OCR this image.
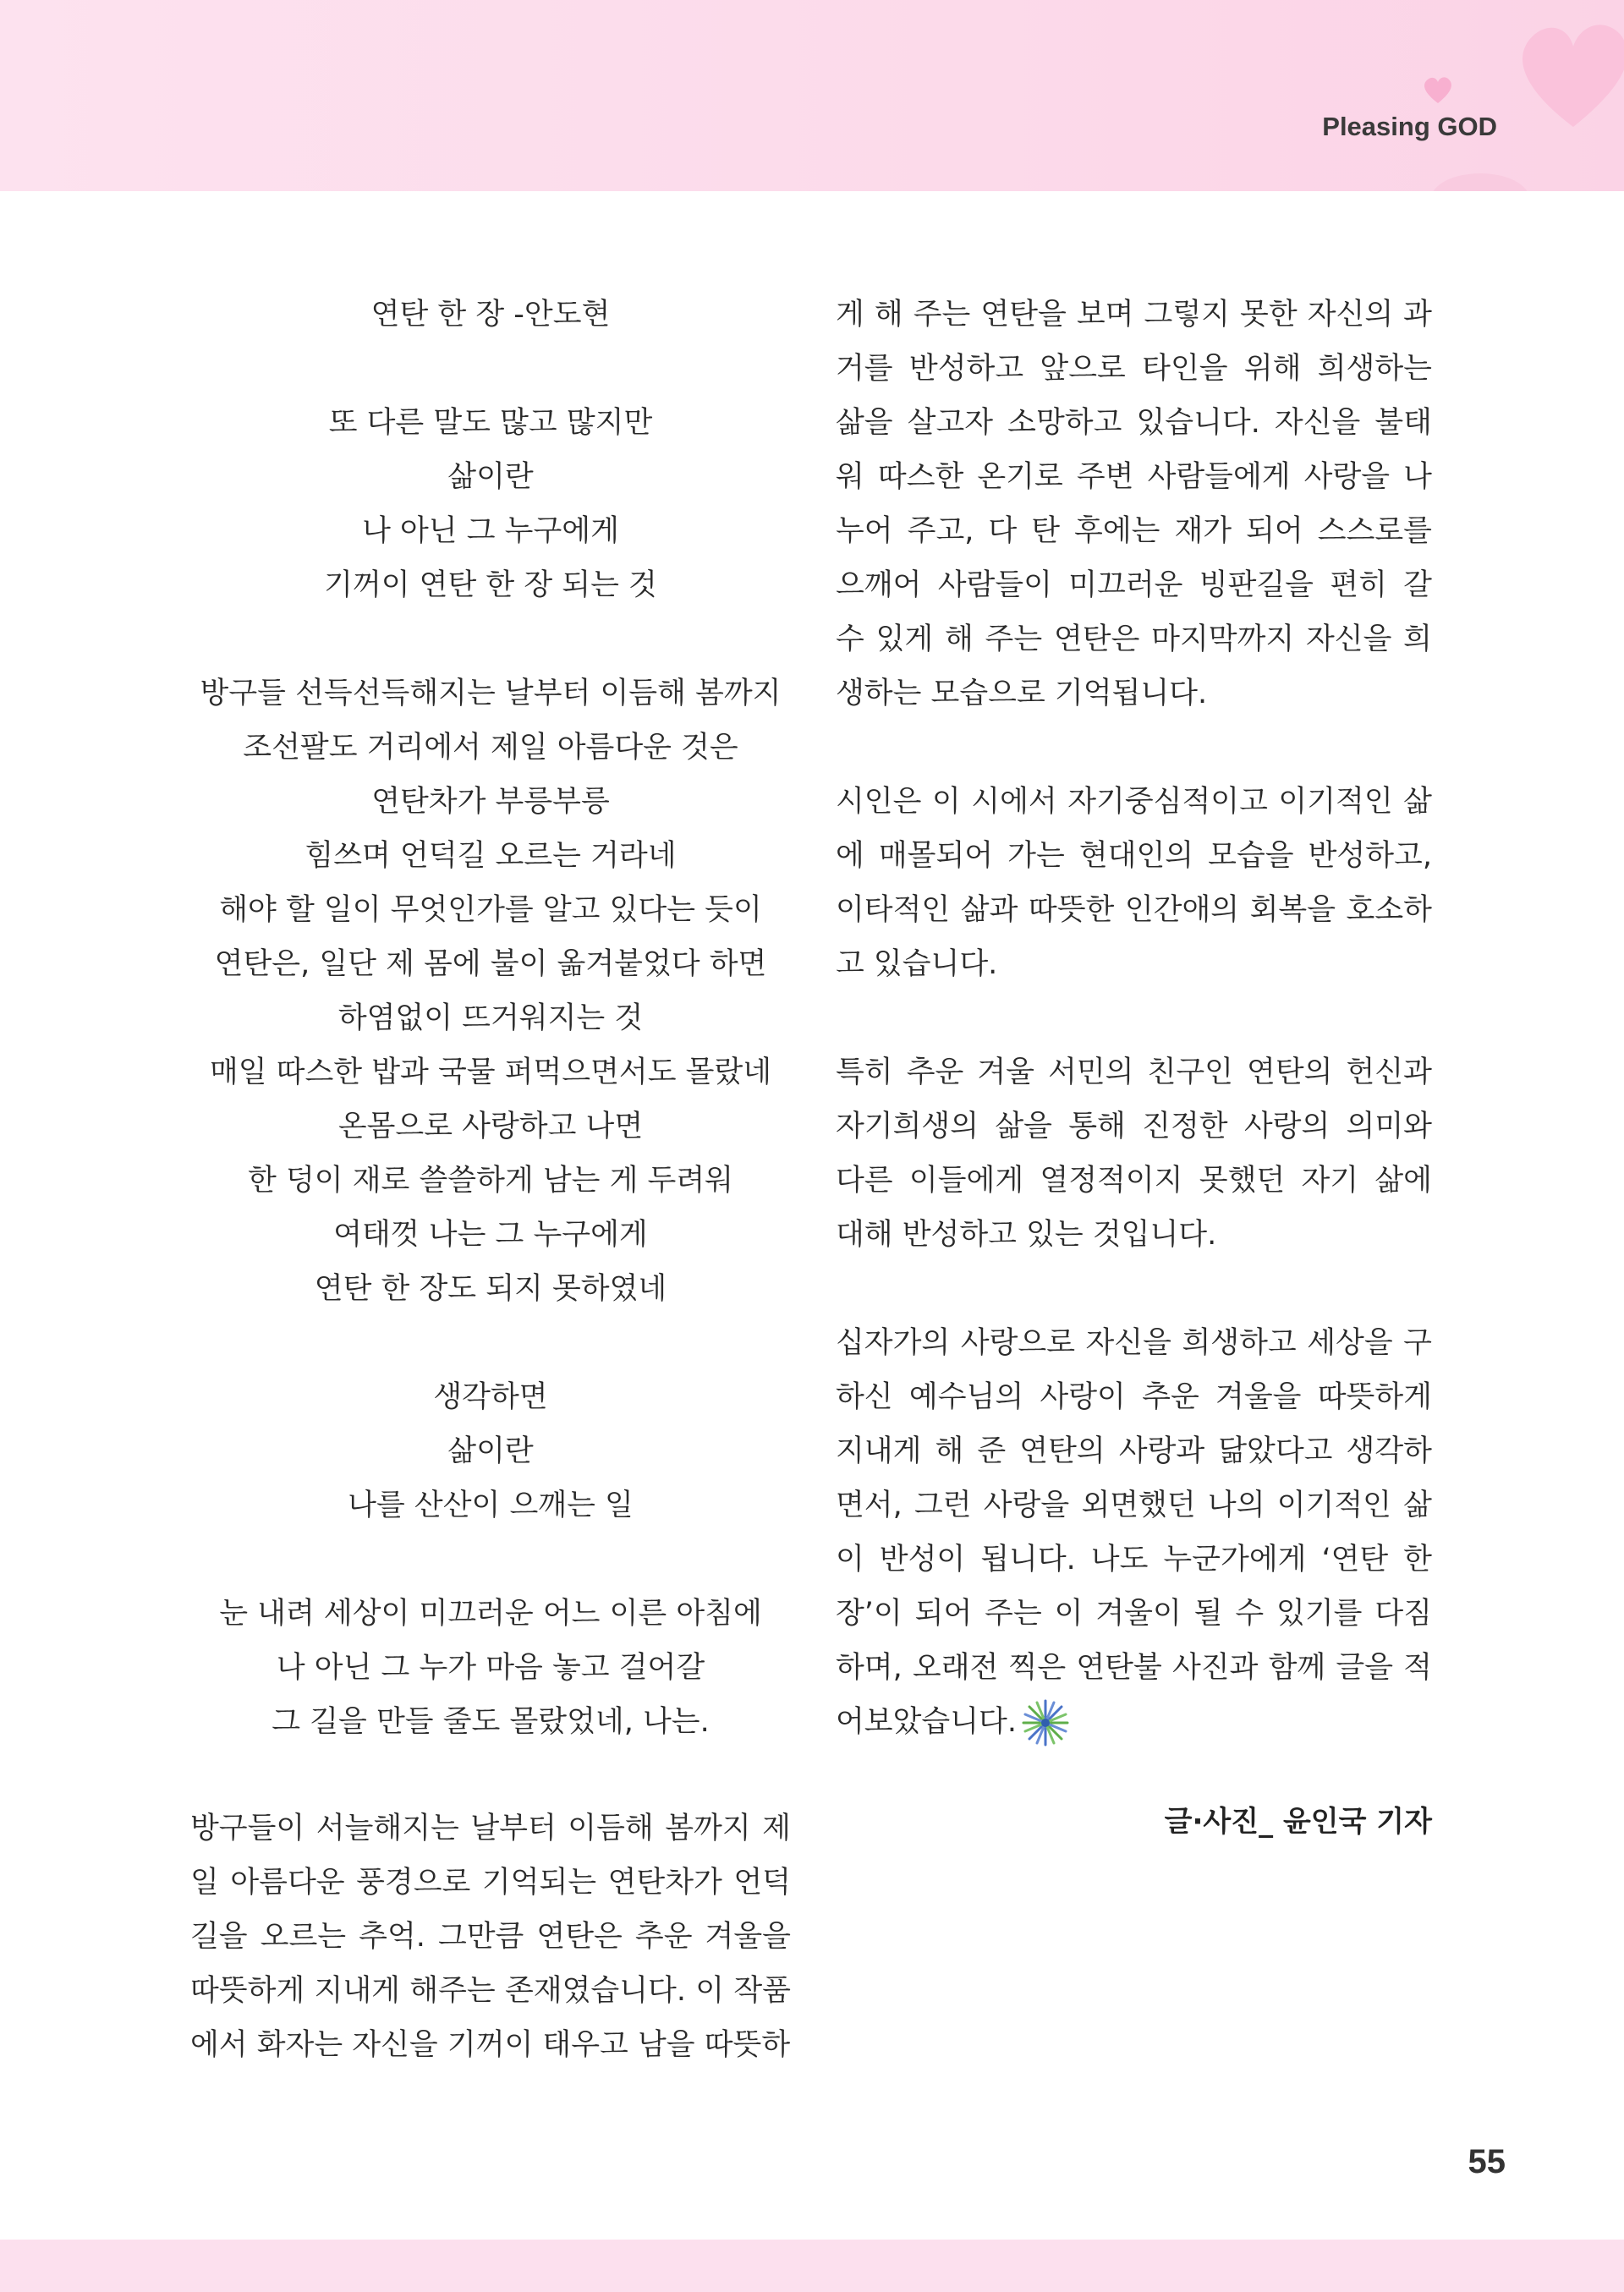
Pleasing GOD
연탄 한 장 -안도현
또 다른 말도 많고 많지만
삶이란
나 아닌 그 누구에게
기꺼이 연탄 한 장 되는 것
방구들 선득선득해지는 날부터 이듬해 봄까지
조선팔도 거리에서 제일 아름다운 것은
연탄차가 부릉부릉
힘쓰며 언덕길 오르는 거라네
해야 할 일이 무엇인가를 알고 있다는 듯이
연탄은, 일단 제 몸에 불이 옮겨붙었다 하면
하염없이 뜨거워지는 것
매일 따스한 밥과 국물 퍼먹으면서도 몰랐네
온몸으로 사랑하고 나면
한 덩이 재로 쓸쓸하게 남는 게 두려워
여태껏 나는 그 누구에게
연탄 한 장도 되지 못하였네
생각하면
삶이란
나를 산산이 으깨는 일
눈 내려 세상이 미끄러운 어느 이른 아침에
나 아닌 그 누가 마음 놓고 걸어갈
그 길을 만들 줄도 몰랐었네, 나는.

방구들이 서늘해지는 날부터 이듬해 봄까지 제일 아름다운 풍경으로 기억되는 연탄차가 언덕길을 오르는 추억. 그만큼 연탄은 추운 겨울을 따뜻하게 지내게 해주는 존재였습니다. 이 작품에서 화자는 자신을 기꺼이 태우고 남을 따뜻하

게 해 주는 연탄을 보며 그렇지 못한 자신의 과거를 반성하고 앞으로 타인을 위해 희생하는 삶을 살고자 소망하고 있습니다. 자신을 불태워 따스한 온기로 주변 사람들에게 사랑을 나누어 주고, 다 탄 후에는 재가 되어 스스로를 으깨어 사람들이 미끄러운 빙판길을 편히 갈 수 있게 해 주는 연탄은 마지막까지 자신을 희생하는 모습으로 기억됩니다.

시인은 이 시에서 자기중심적이고 이기적인 삶에 매몰되어 가는 현대인의 모습을 반성하고, 이타적인 삶과 따뜻한 인간애의 회복을 호소하고 있습니다.

특히 추운 겨울 서민의 친구인 연탄의 헌신과 자기희생의 삶을 통해 진정한 사랑의 의미와 다른 이들에게 열정적이지 못했던 자기 삶에 대해 반성하고 있는 것입니다.

십자가의 사랑으로 자신을 희생하고 세상을 구하신 예수님의 사랑이 추운 겨울을 따뜻하게 지내게 해 준 연탄의 사랑과 닮았다고 생각하면서, 그런 사랑을 외면했던 나의 이기적인 삶이 반성이 됩니다. 나도 누군가에게 ‘연탄 한 장’이 되어 주는 이 겨울이 될 수 있기를 다짐하며, 오래전 찍은 연탄불 사진과 함께 글을 적어보았습니다.

글·사진_ 윤인국 기자
55
